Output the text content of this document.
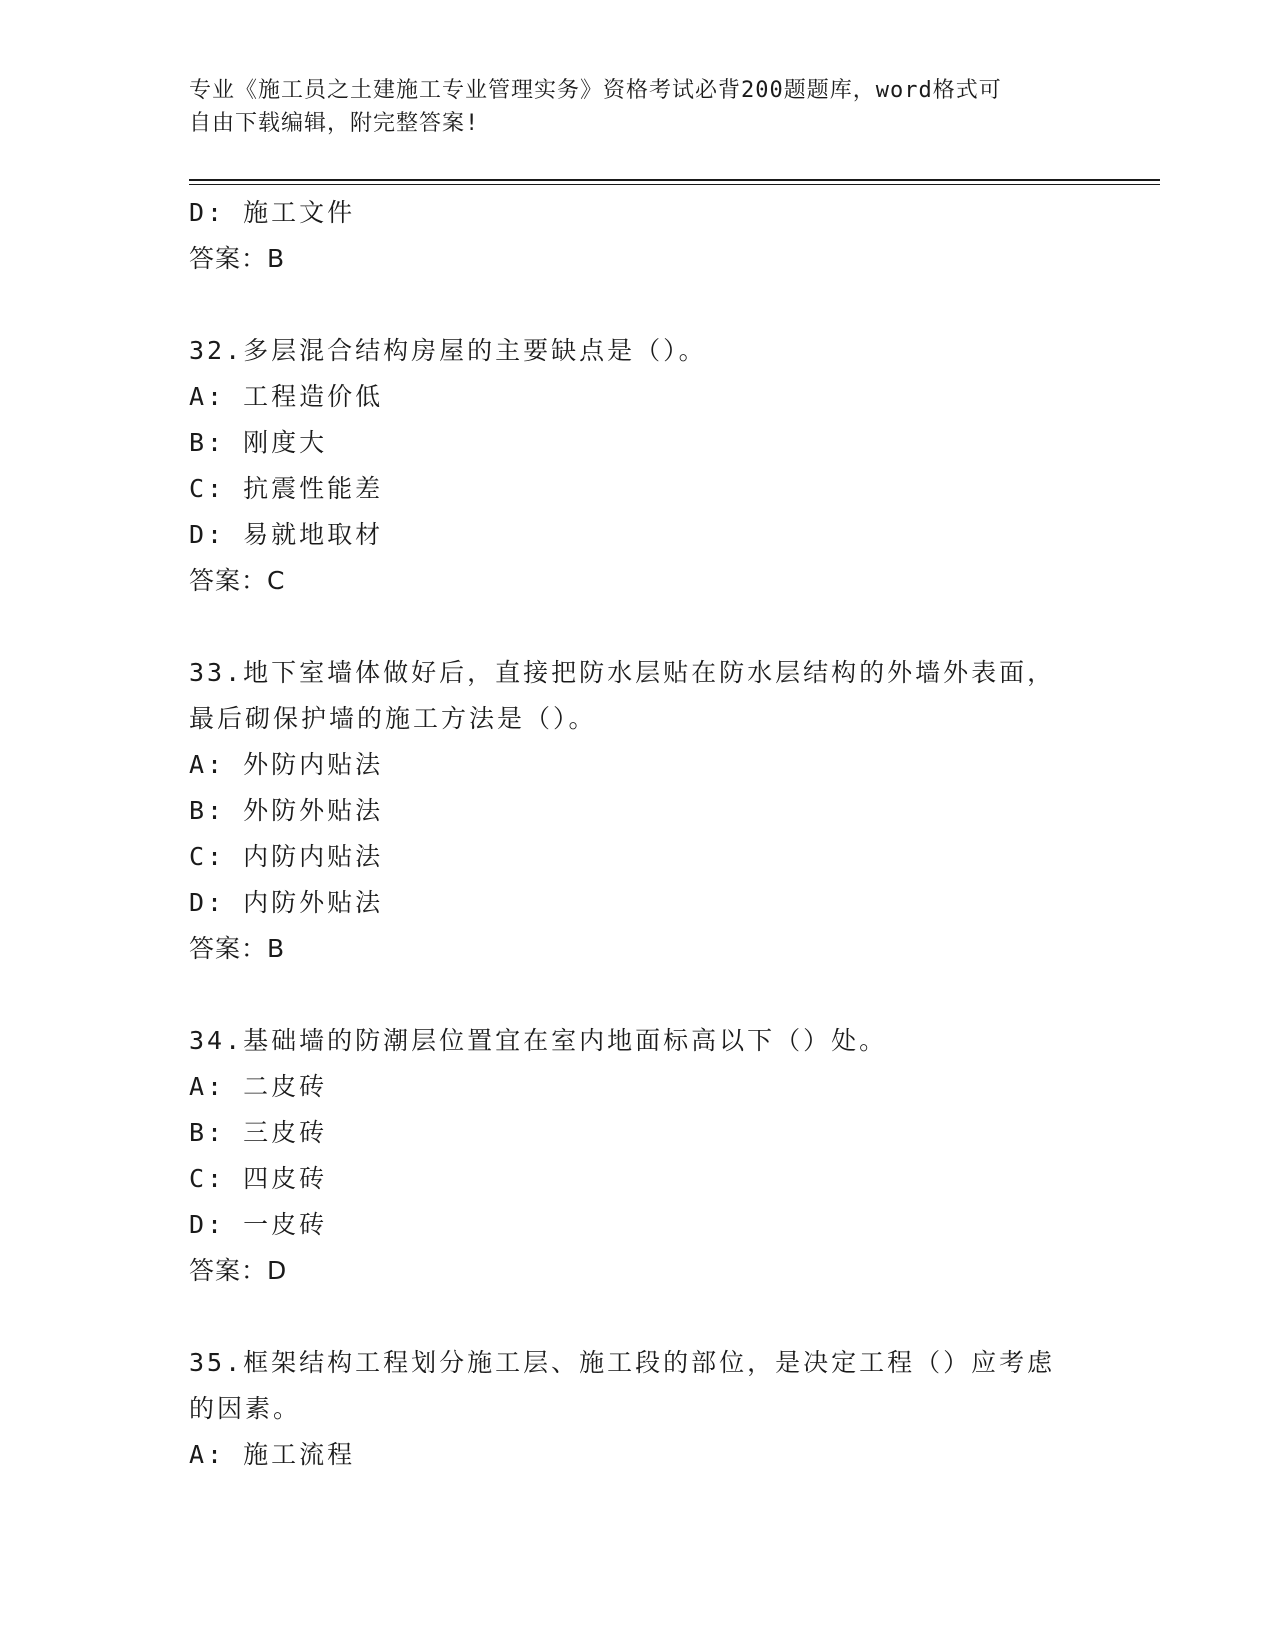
专业《施工员之土建施工专业管理实务》资格考试必背200题题库，word格式可
自由下载编辑，附完整答案!
D: 施工文件
答案：B
32.多层混合结构房屋的主要缺点是（）。
A: 工程造价低
B: 刚度大
C: 抗震性能差
D: 易就地取材
答案：C
33.地下室墙体做好后，直接把防水层贴在防水层结构的外墙外表面，
最后砌保护墙的施工方法是（）。
A: 外防内贴法
B: 外防外贴法
C: 内防内贴法
D: 内防外贴法
答案：B
34.基础墙的防潮层位置宜在室内地面标高以下（）处。
A: 二皮砖
B: 三皮砖
C: 四皮砖
D: 一皮砖
答案：D
35.框架结构工程划分施工层、施工段的部位，是决定工程（）应考虑
的因素。
A: 施工流程
